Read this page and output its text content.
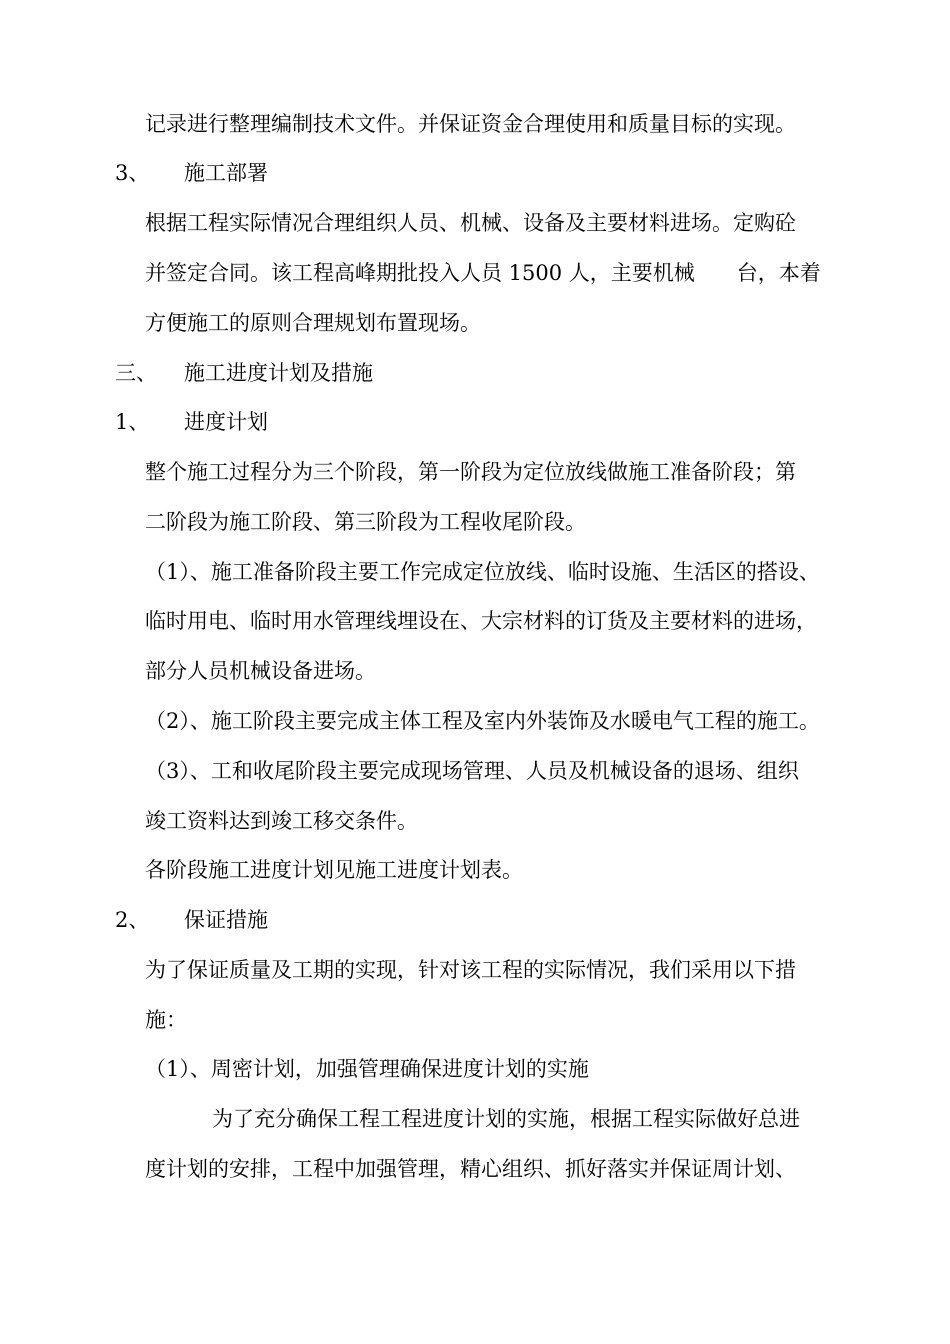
记录进行整理编制技术文件。并保证资金合理使用和质量目标的实现。

3、 施工部署

根据工程实际情况合理组织人员、机械、设备及主要材料进场。定购砼

并签定合同。该工程高峰期批投入人员 1500 人，主要机械　　台，本着

方便施工的原则合理规划布置现场。

三、 施工进度计划及措施
1、 进度计划

整个施工过程分为三个阶段，第一阶段为定位放线做施工准备阶段；第

二阶段为施工阶段、第三阶段为工程收尾阶段。

（1）、施工准备阶段主要工作完成定位放线、临时设施、生活区的搭设、

临时用电、临时用水管理线埋设在、大宗材料的订货及主要材料的进场，

部分人员机械设备进场。

（2）、施工阶段主要完成主体工程及室内外装饰及水暖电气工程的施工。

（3）、工和收尾阶段主要完成现场管理、人员及机械设备的退场、组织

竣工资料达到竣工移交条件。

各阶段施工进度计划见施工进度计划表。

2、 保证措施

为了保证质量及工期的实现，针对该工程的实际情况，我们采用以下措

施：

（1）、周密计划，加强管理确保进度计划的实施

为了充分确保工程工程进度计划的实施，根据工程实际做好总进

度计划的安排，工程中加强管理，精心组织、抓好落实并保证周计划、
